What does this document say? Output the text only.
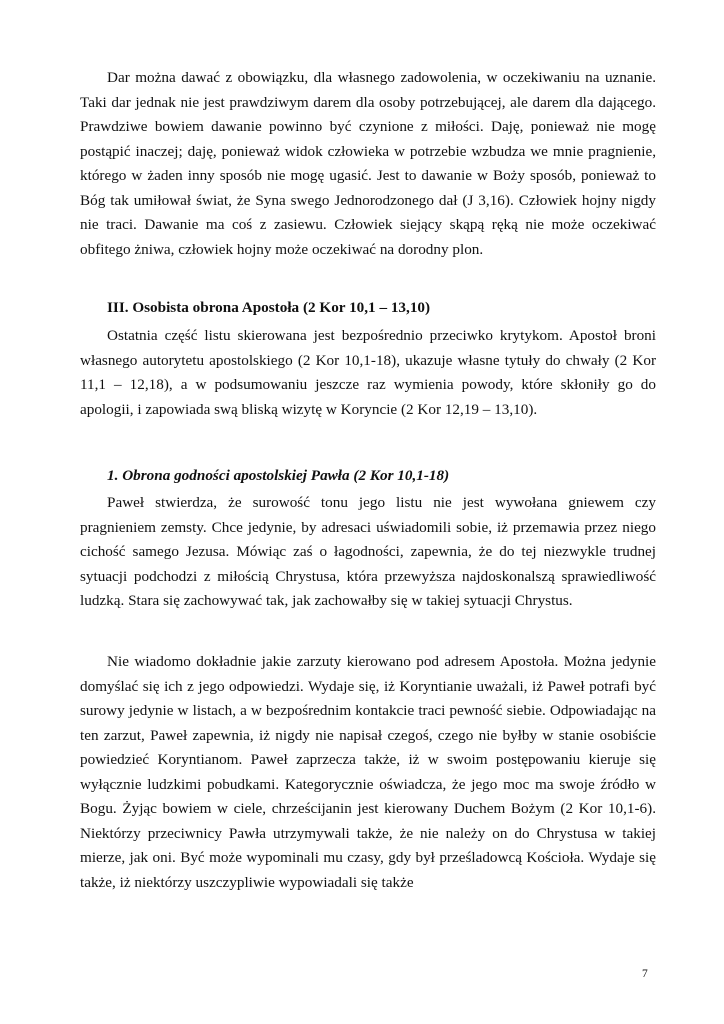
Dar można dawać z obowiązku, dla własnego zadowolenia, w oczekiwaniu na uznanie. Taki dar jednak nie jest prawdziwym darem dla osoby potrzebującej, ale darem dla dającego. Prawdziwe bowiem dawanie powinno być czynione z miłości. Daję, ponieważ nie mogę postąpić inaczej; daję, ponieważ widok człowieka w potrzebie wzbudza we mnie pragnienie, którego w żaden inny sposób nie mogę ugasić. Jest to dawanie w Boży sposób, ponieważ to Bóg tak umiłował świat, że Syna swego Jednorodzonego dał (J 3,16). Człowiek hojny nigdy nie traci. Dawanie ma coś z zasiewu. Człowiek siejący skąpą ręką nie może oczekiwać obfitego żniwa, człowiek hojny może oczekiwać na dorodny plon.

III. Osobista obrona Apostoła (2 Kor 10,1 – 13,10)

Ostatnia część listu skierowana jest bezpośrednio przeciwko krytykom. Apostoł broni własnego autorytetu apostolskiego (2 Kor 10,1-18), ukazuje własne tytuły do chwały (2 Kor 11,1 – 12,18), a w podsumowaniu jeszcze raz wymienia powody, które skłoniły go do apologii, i zapowiada swą bliską wizytę w Koryncie (2 Kor 12,19 – 13,10).

1. Obrona godności apostolskiej Pawła (2 Kor 10,1-18)

Paweł stwierdza, że surowość tonu jego listu nie jest wywołana gniewem czy pragnieniem zemsty. Chce jedynie, by adresaci uświadomili sobie, iż przemawia przez niego cichość samego Jezusa. Mówiąc zaś o łagodności, zapewnia, że do tej niezwykle trudnej sytuacji podchodzi z miłością Chrystusa, która przewyższa najdoskonalszą sprawiedliwość ludzką. Stara się zachowywać tak, jak zachowałby się w takiej sytuacji Chrystus.

Nie wiadomo dokładnie jakie zarzuty kierowano pod adresem Apostoła. Można jedynie domyślać się ich z jego odpowiedzi. Wydaje się, iż Koryntianie uważali, iż Paweł potrafi być surowy jedynie w listach, a w bezpośrednim kontakcie traci pewność siebie. Odpowiadając na ten zarzut, Paweł zapewnia, iż nigdy nie napisał czegoś, czego nie byłby w stanie osobiście powiedzieć Koryntianom. Paweł zaprzecza także, iż w swoim postępowaniu kieruje się wyłącznie ludzkimi pobudkami. Kategorycznie oświadcza, że jego moc ma swoje źródło w Bogu. Żyjąc bowiem w ciele, chrześcijanin jest kierowany Duchem Bożym (2 Kor 10,1-6). Niektórzy przeciwnicy Pawła utrzymywali także, że nie należy on do Chrystusa w takiej mierze, jak oni. Być może wypominali mu czasy, gdy był prześladowcą Kościoła. Wydaje się także, iż niektórzy uszczypliwie wypowiadali się także

7
